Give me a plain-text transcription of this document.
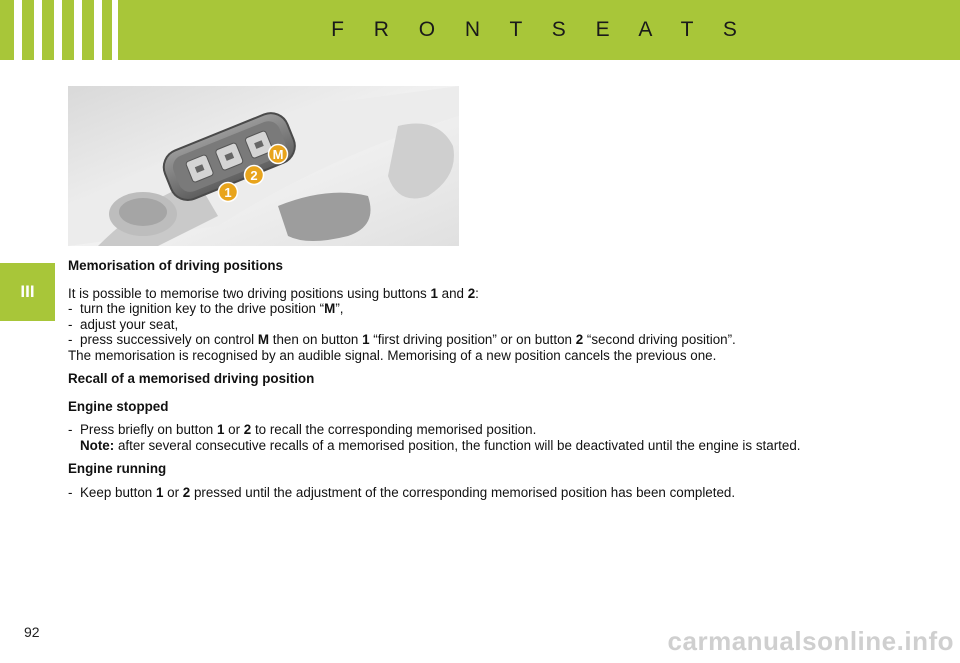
F R O N T S E A T S
III
M
2
1

Memorisation of driving positions

It is possible to memorise two driving positions using buttons 1 and 2:

- turn the ignition key to the drive position “M”,

- adjust your seat,

- press successively on control M then on button 1 “first driving position” or on button 2 “second driving position”.

The memorisation is recognised by an audible signal. Memorising of a new position cancels the previous one.

Recall of a memorised driving position

Engine stopped

- Press briefly on button 1 or 2 to recall the corresponding memorised position.

Note: after several consecutive recalls of a memorised position, the function will be deactivated until the engine is started.

Engine running

- Keep button 1 or 2 pressed until the adjustment of the corresponding memorised position has been completed.

92	carmanualsonline.info
